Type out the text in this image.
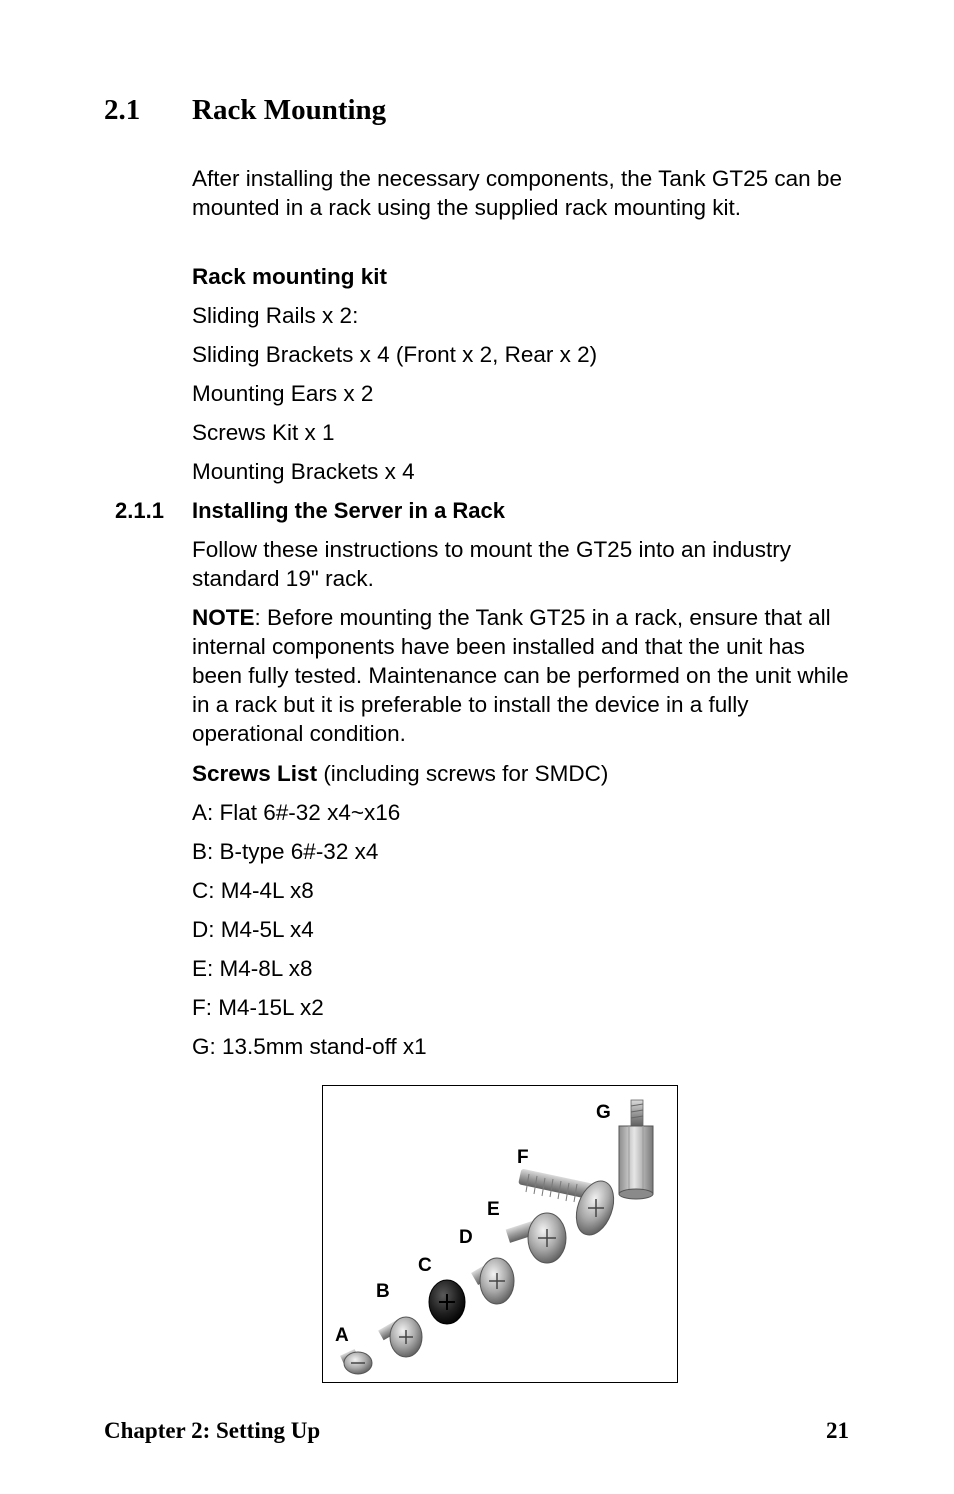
2.1 Rack Mounting

After installing the necessary components, the Tank GT25 can be mounted in a rack using the supplied rack mounting kit.

Rack mounting kit

Sliding Rails x 2:

Sliding Brackets x 4 (Front x 2, Rear x 2)

Mounting Ears x 2

Screws Kit x 1

Mounting Brackets x 4

2.1.1 Installing the Server in a Rack

Follow these instructions to mount the GT25 into an industry standard 19" rack.

NOTE: Before mounting the Tank GT25 in a rack, ensure that all internal components have been installed and that the unit has been fully tested. Maintenance can be performed on the unit while in a rack but it is preferable to install the device in a fully operational condition.

Screws List (including screws for SMDC)

A: Flat 6#-32 x4~x16

B: B-type 6#-32 x4

C: M4-4L x8

D: M4-5L x4

E: M4-8L x8

F: M4-15L x2

G: 13.5mm stand-off x1

A
B
C
D
E
F
G
Chapter 2: Setting Up	21
